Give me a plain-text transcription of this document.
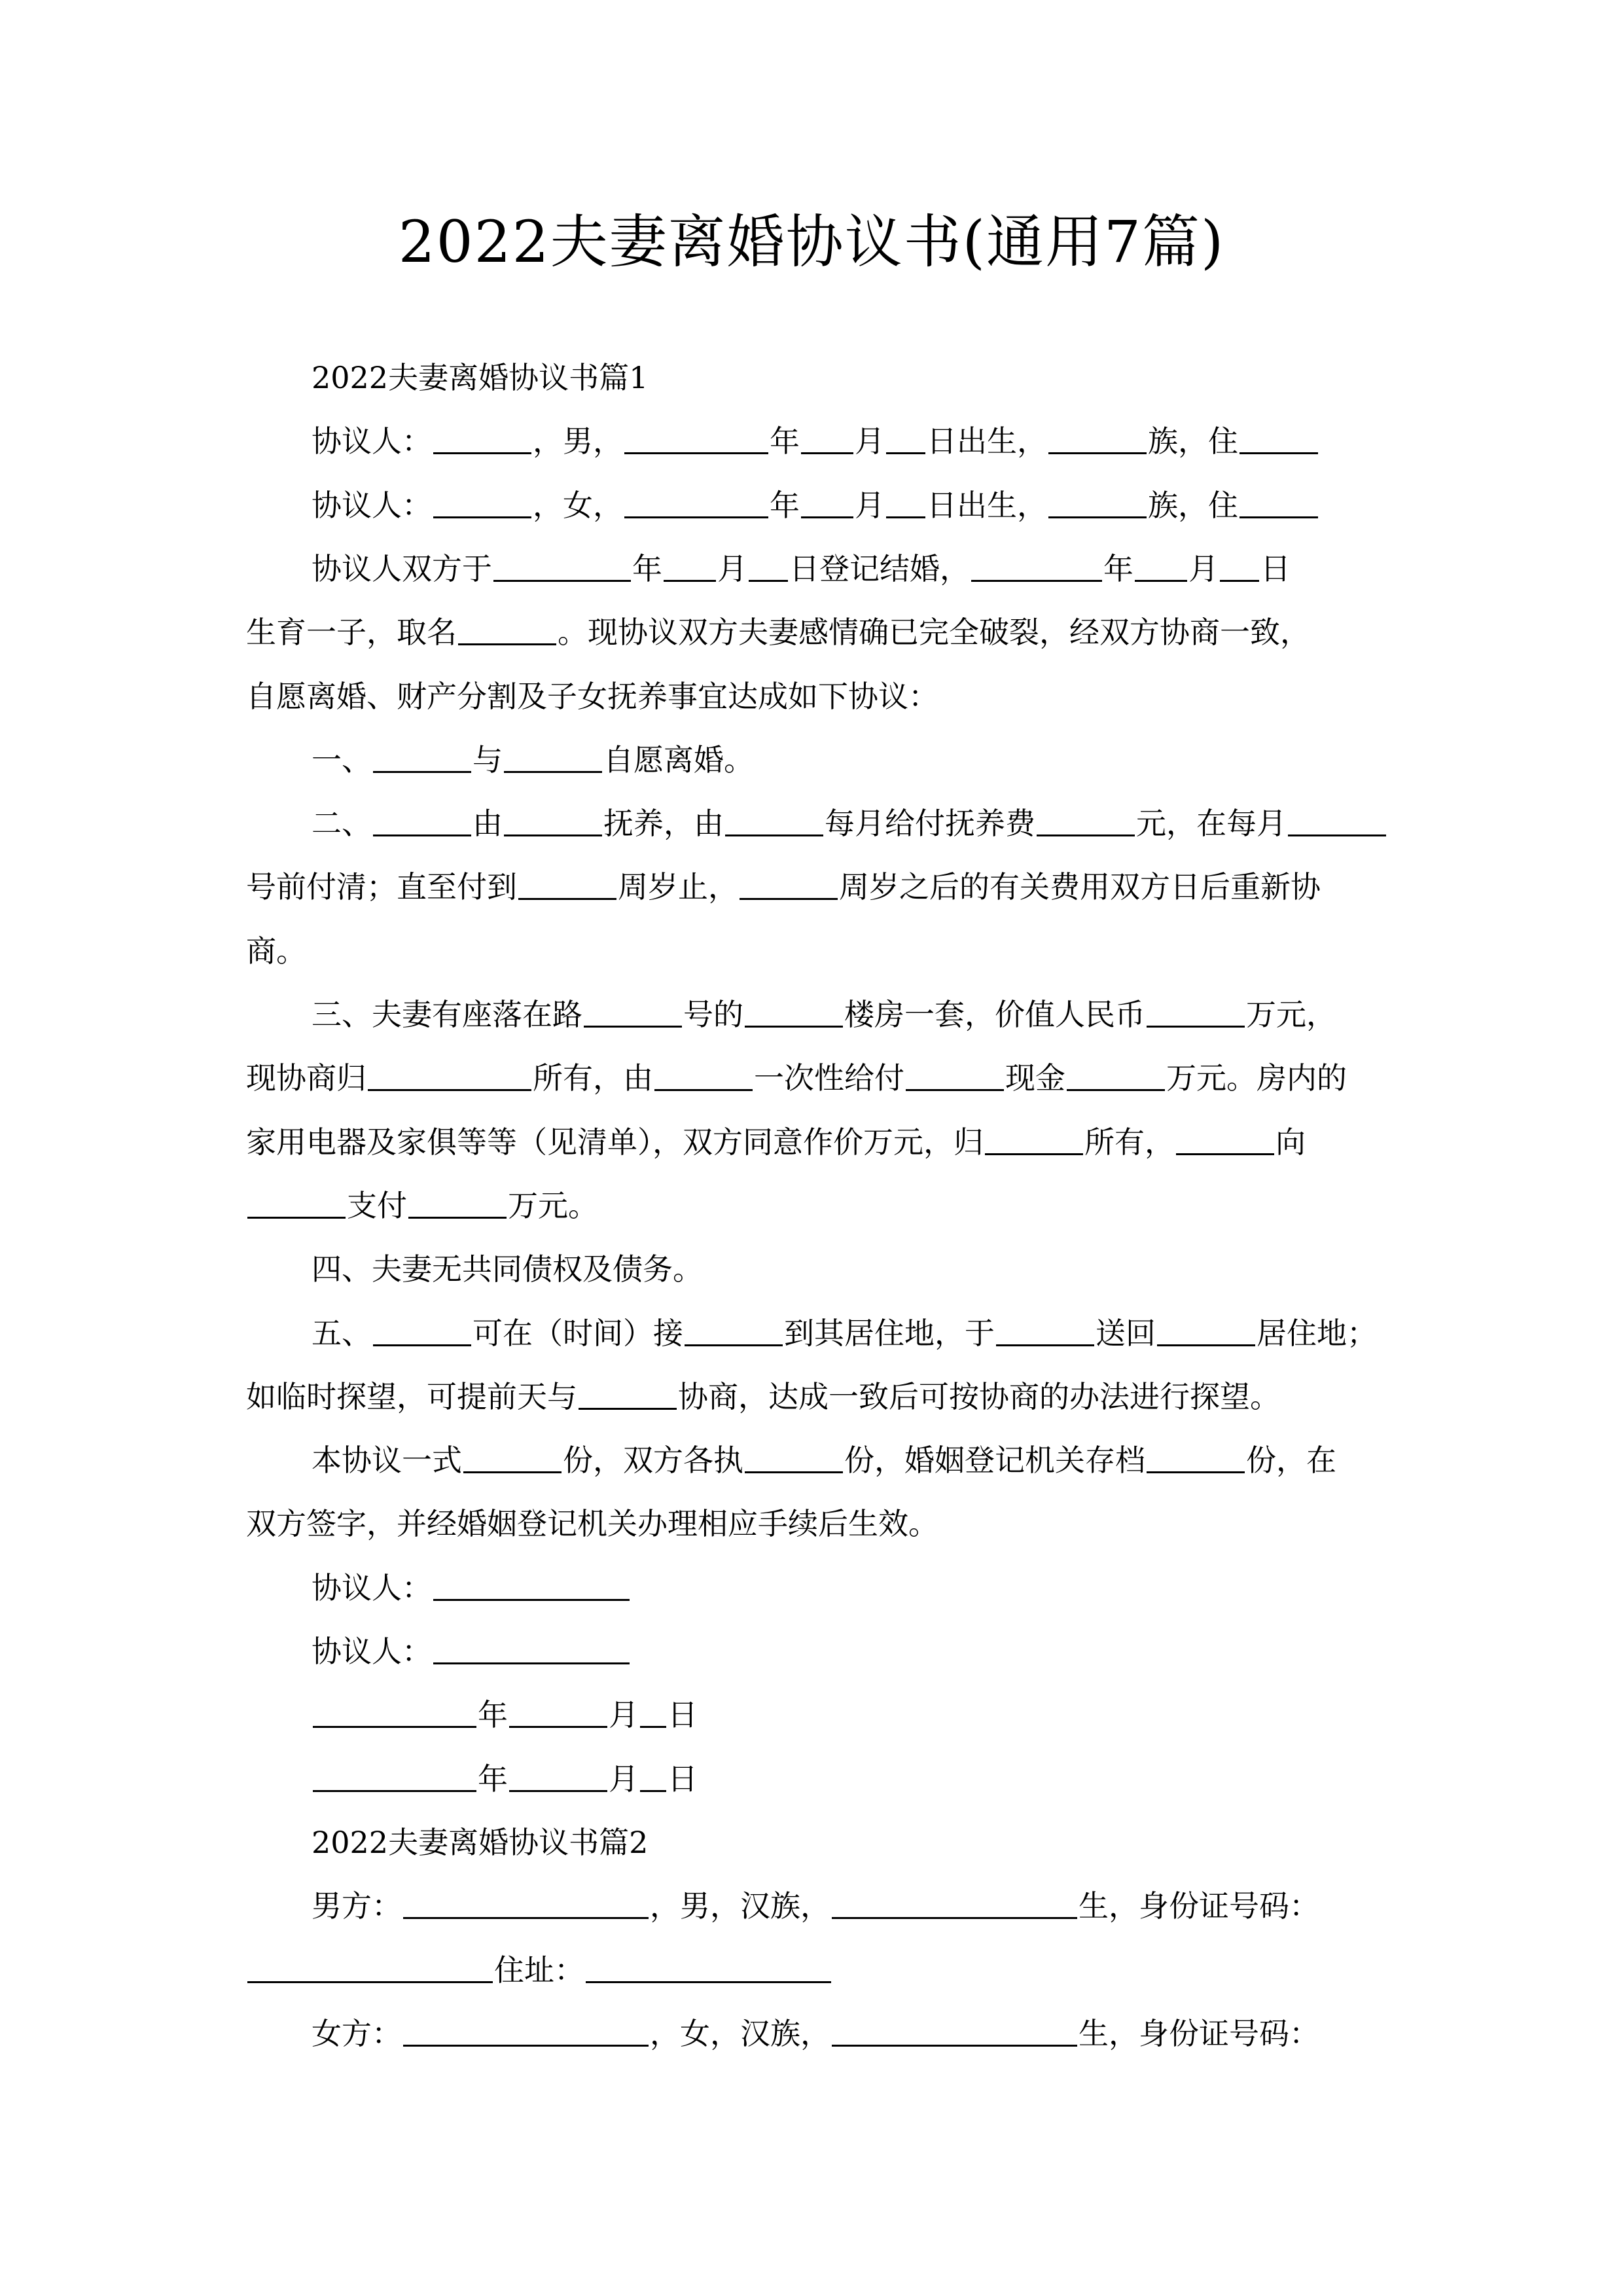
2022夫妻离婚协议书(通用7篇)
2022夫妻离婚协议书篇1
协议人：	，男，	年 月 日出生，	族，住
协议人：	，女，	年 月 日出生，	族，住
协议人双方于	年 月 日登记结婚，	年 月 日
生育一子，取名	。现协议双方夫妻感情确已完全破裂，经双方协商一致，
自愿离婚、财产分割及子女抚养事宜达成如下协议：
一、	与	自愿离婚。
二、	由	抚养，由	每月给付抚养费	元，在每月
号前付清；直至付到	周岁止，	周岁之后的有关费用双方日后重新协
商。
三、夫妻有座落在路	号的	楼房一套，价值人民币	万元，
现协商归	所有，由	一次性给付	现金	万元。房内的
家用电器及家俱等等（见清单），双方同意作价万元，归	所有，	向
支付	万元。
四、夫妻无共同债权及债务。
五、	可在（时间）接	到其居住地，于	送回	居住地；
如临时探望，可提前天与	协商，达成一致后可按协商的办法进行探望。
本协议一式	份，双方各执	份，婚姻登记机关存档	份，在
双方签字，并经婚姻登记机关办理相应手续后生效。
协议人：
协议人：
年	月 日
年	月 日
2022夫妻离婚协议书篇2
男方：	，男，汉族，	生，身份证号码：
住址：
女方：	，女，汉族，	生，身份证号码：
